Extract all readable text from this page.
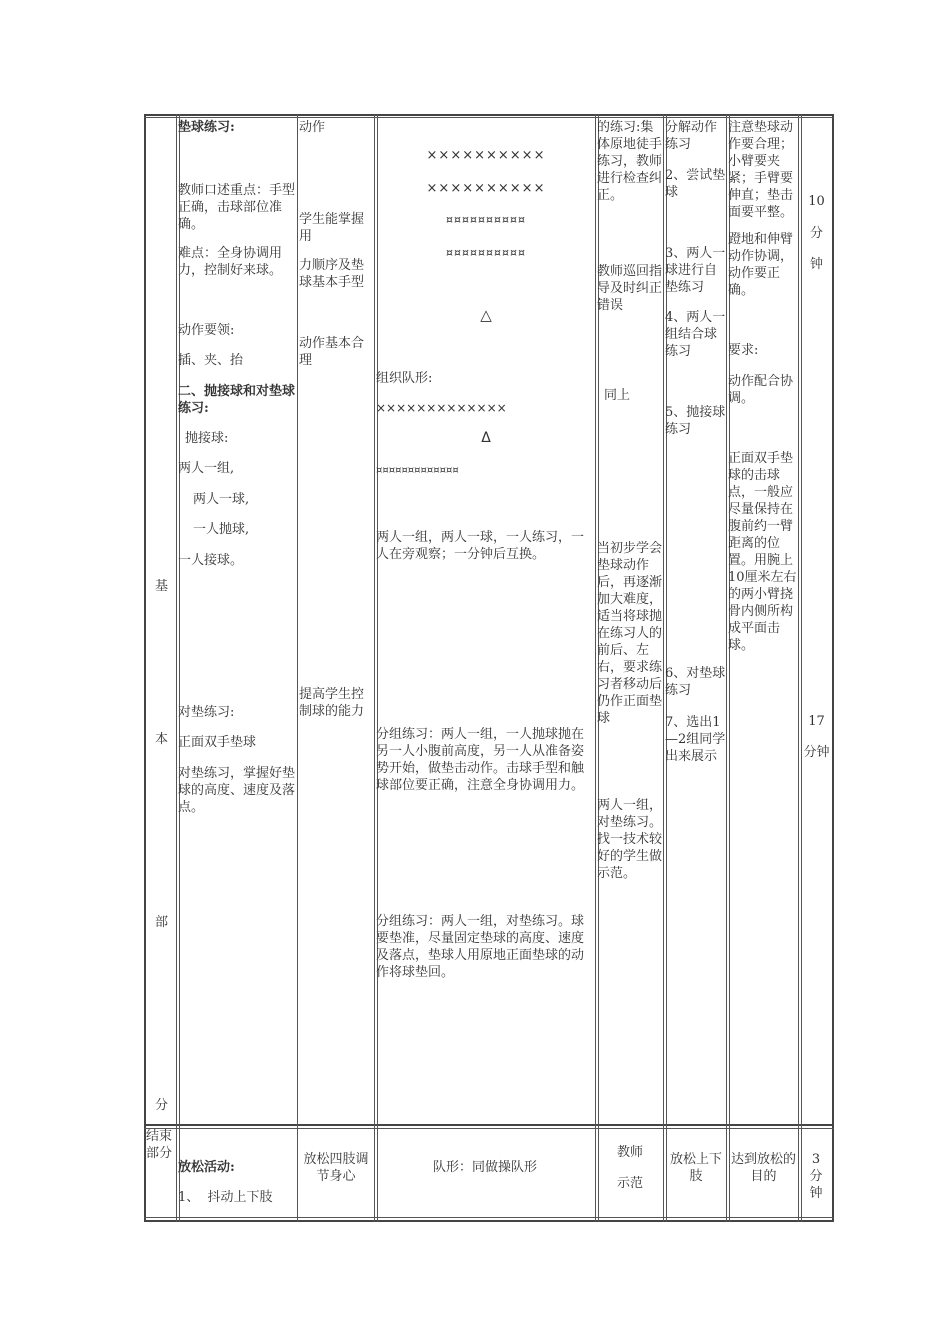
基
本
部
分
结束部分
垫球练习:
教师口述重点：手型正确，击球部位准确。
难点：全身协调用力，控制好来球。
动作要领:
插、夹、抬
二、抛接球和对垫球练习:
抛接球:
两人一组,
两人一球,
一人抛球,
一人接球。
对垫练习:
正面双手垫球
对垫练习，掌握好垫球的高度、速度及落点。
放松活动:
1、  抖动上下肢
动作
学生能掌握用
力顺序及垫球基本手型
动作基本合理
提高学生控制球的能力
放松四肢调节身心
××××××××××
××××××××××
¤¤¤¤¤¤¤¤¤¤
¤¤¤¤¤¤¤¤¤¤
△
组织队形:
×××××××××××××
Δ
¤¤¤¤¤¤¤¤¤¤¤¤¤
两人一组，两人一球，一人练习，一人在旁观察；一分钟后互换。
分组练习：两人一组，一人抛球抛在另一人小腹前高度，另一人从准备姿势开始，做垫击动作。击球手型和触球部位要正确，注意全身协调用力。
分组练习：两人一组，对垫练习。球要垫准，尽量固定垫球的高度、速度及落点，垫球人用原地正面垫球的动作将球垫回。
队形：同做操队形
的练习:集体原地徒手练习，教师进行检查纠正。
教师巡回指导及时纠正错误
同上
当初步学会垫球动作后，再逐渐加大难度，适当将球抛在练习人的前后、左右，要求练习者移动后仍作正面垫球
两人一组，对垫练习。找一技术较好的学生做示范。
教师
示范
分解动作练习
2、尝试垫球
3、两人一球进行自垫练习
4、两人一组结合球练习
5、抛接球练习
6、对垫球练习
7、选出1—2组同学出来展示
放松上下肢
注意垫球动作要合理；小臂要夹紧；手臂要伸直；垫击面要平整。
蹬地和伸臂动作协调，动作要正确。
要求:
动作配合协调。
正面双手垫球的击球点，一般应尽量保持在腹前约一臂距离的位置。用腕上10厘米左右的两小臂挠骨内侧所构成平面击球。
达到放松的目的
10
分
钟
17
分钟
3分钟
